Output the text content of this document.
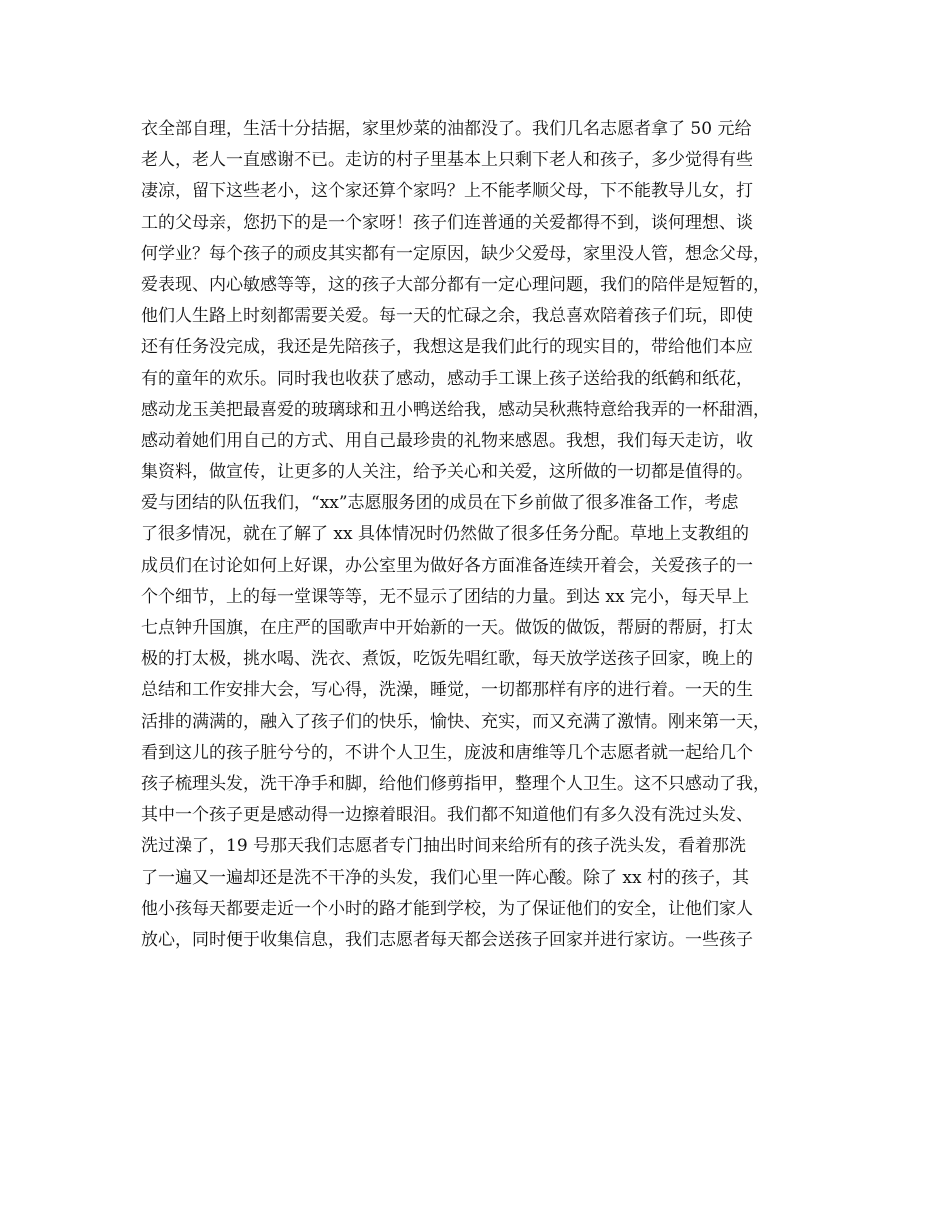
衣全部自理，生活十分拮据，家里炒菜的油都没了。我们几名志愿者拿了 50 元给
老人，老人一直感谢不已。走访的村子里基本上只剩下老人和孩子，多少觉得有些
凄凉，留下这些老小，这个家还算个家吗？上不能孝顺父母，下不能教导儿女，打
工的父母亲，您扔下的是一个家呀！孩子们连普通的关爱都得不到，谈何理想、谈
何学业？每个孩子的顽皮其实都有一定原因，缺少父爱母，家里没人管，想念父母，
爱表现、内心敏感等等，这的孩子大部分都有一定心理问题，我们的陪伴是短暂的，
他们人生路上时刻都需要关爱。每一天的忙碌之余，我总喜欢陪着孩子们玩，即使
还有任务没完成，我还是先陪孩子，我想这是我们此行的现实目的，带给他们本应
有的童年的欢乐。同时我也收获了感动，感动手工课上孩子送给我的纸鹤和纸花，
感动龙玉美把最喜爱的玻璃球和丑小鸭送给我，感动吴秋燕特意给我弄的一杯甜酒，
感动着她们用自己的方式、用自己最珍贵的礼物来感恩。我想，我们每天走访，收
集资料，做宣传，让更多的人关注，给予关心和关爱，这所做的一切都是值得的。
爱与团结的队伍我们，“xx”志愿服务团的成员在下乡前做了很多准备工作，考虑
了很多情况，就在了解了 xx 具体情况时仍然做了很多任务分配。草地上支教组的
成员们在讨论如何上好课，办公室里为做好各方面准备连续开着会，关爱孩子的一
个个细节，上的每一堂课等等，无不显示了团结的力量。到达 xx 完小，每天早上
七点钟升国旗，在庄严的国歌声中开始新的一天。做饭的做饭，帮厨的帮厨，打太
极的打太极，挑水喝、洗衣、煮饭，吃饭先唱红歌，每天放学送孩子回家，晚上的
总结和工作安排大会，写心得，洗澡，睡觉，一切都那样有序的进行着。一天的生
活排的满满的，融入了孩子们的快乐，愉快、充实，而又充满了激情。刚来第一天，
看到这儿的孩子脏兮兮的，不讲个人卫生，庞波和唐维等几个志愿者就一起给几个
孩子梳理头发，洗干净手和脚，给他们修剪指甲，整理个人卫生。这不只感动了我，
其中一个孩子更是感动得一边擦着眼泪。我们都不知道他们有多久没有洗过头发、
洗过澡了，19 号那天我们志愿者专门抽出时间来给所有的孩子洗头发，看着那洗
了一遍又一遍却还是洗不干净的头发，我们心里一阵心酸。除了 xx 村的孩子，其
他小孩每天都要走近一个小时的路才能到学校，为了保证他们的安全，让他们家人
放心，同时便于收集信息，我们志愿者每天都会送孩子回家并进行家访。一些孩子
